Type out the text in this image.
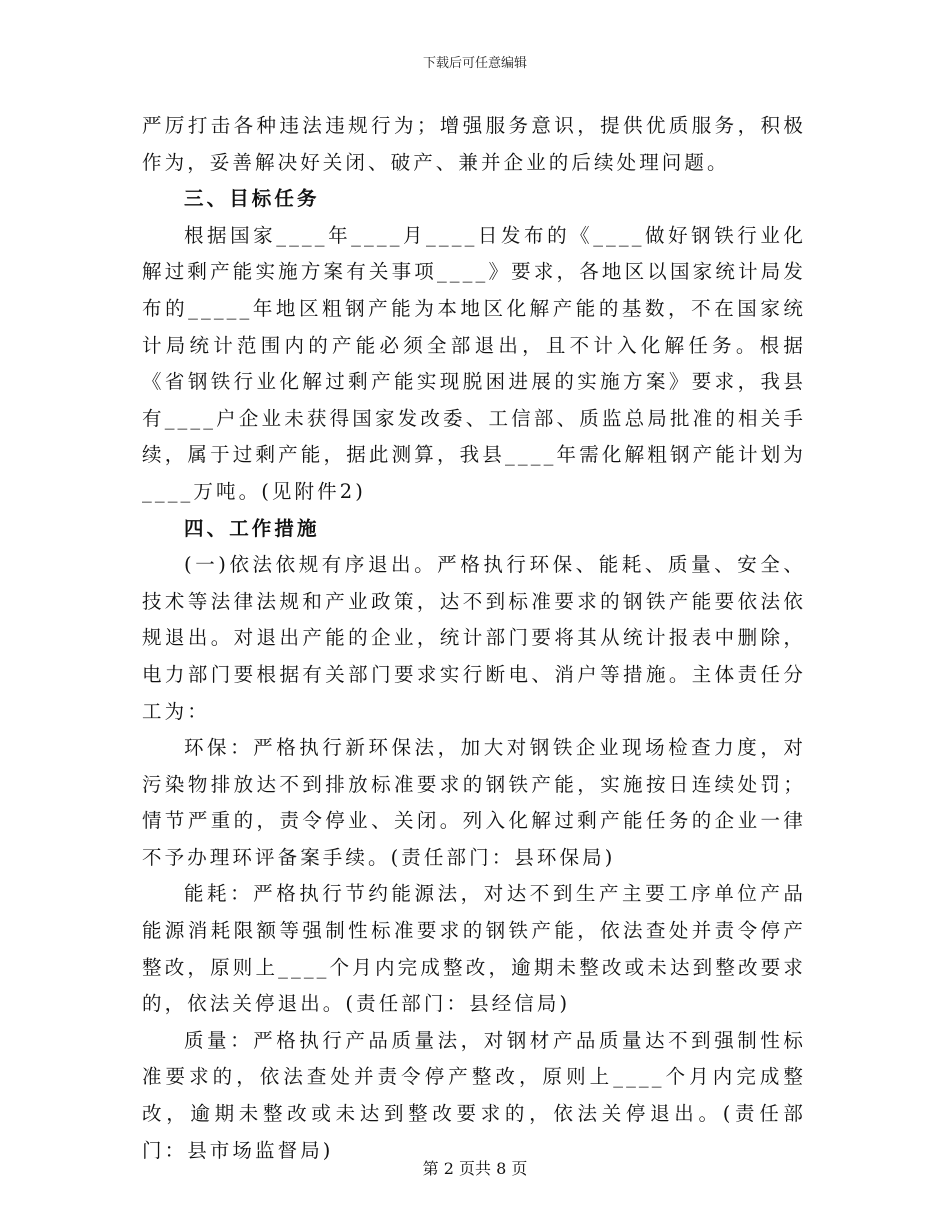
下载后可任意编辑

严厉打击各种违法违规行为；增强服务意识，提供优质服务，积极作为，妥善解决好关闭、破产、兼并企业的后续处理问题。

三、目标任务

根据国家____年____月____日发布的《____做好钢铁行业化解过剩产能实施方案有关事项____》要求，各地区以国家统计局发布的_____年地区粗钢产能为本地区化解产能的基数，不在国家统计局统计范围内的产能必须全部退出，且不计入化解任务。根据《省钢铁行业化解过剩产能实现脱困进展的实施方案》要求，我县有____户企业未获得国家发改委、工信部、质监总局批准的相关手续，属于过剩产能，据此测算，我县____年需化解粗钢产能计划为____万吨。(见附件2)

四、工作措施

(一)依法依规有序退出。严格执行环保、能耗、质量、安全、技术等法律法规和产业政策，达不到标准要求的钢铁产能要依法依规退出。对退出产能的企业，统计部门要将其从统计报表中删除，电力部门要根据有关部门要求实行断电、消户等措施。主体责任分工为：

环保：严格执行新环保法，加大对钢铁企业现场检查力度，对污染物排放达不到排放标准要求的钢铁产能，实施按日连续处罚；情节严重的，责令停业、关闭。列入化解过剩产能任务的企业一律不予办理环评备案手续。(责任部门：县环保局)

能耗：严格执行节约能源法，对达不到生产主要工序单位产品能源消耗限额等强制性标准要求的钢铁产能，依法查处并责令停产整改，原则上____个月内完成整改，逾期未整改或未达到整改要求的，依法关停退出。(责任部门：县经信局)

质量：严格执行产品质量法，对钢材产品质量达不到强制性标准要求的，依法查处并责令停产整改，原则上____个月内完成整改，逾期未整改或未达到整改要求的，依法关停退出。(责任部门：县市场监督局)

第 2 页共 8 页
